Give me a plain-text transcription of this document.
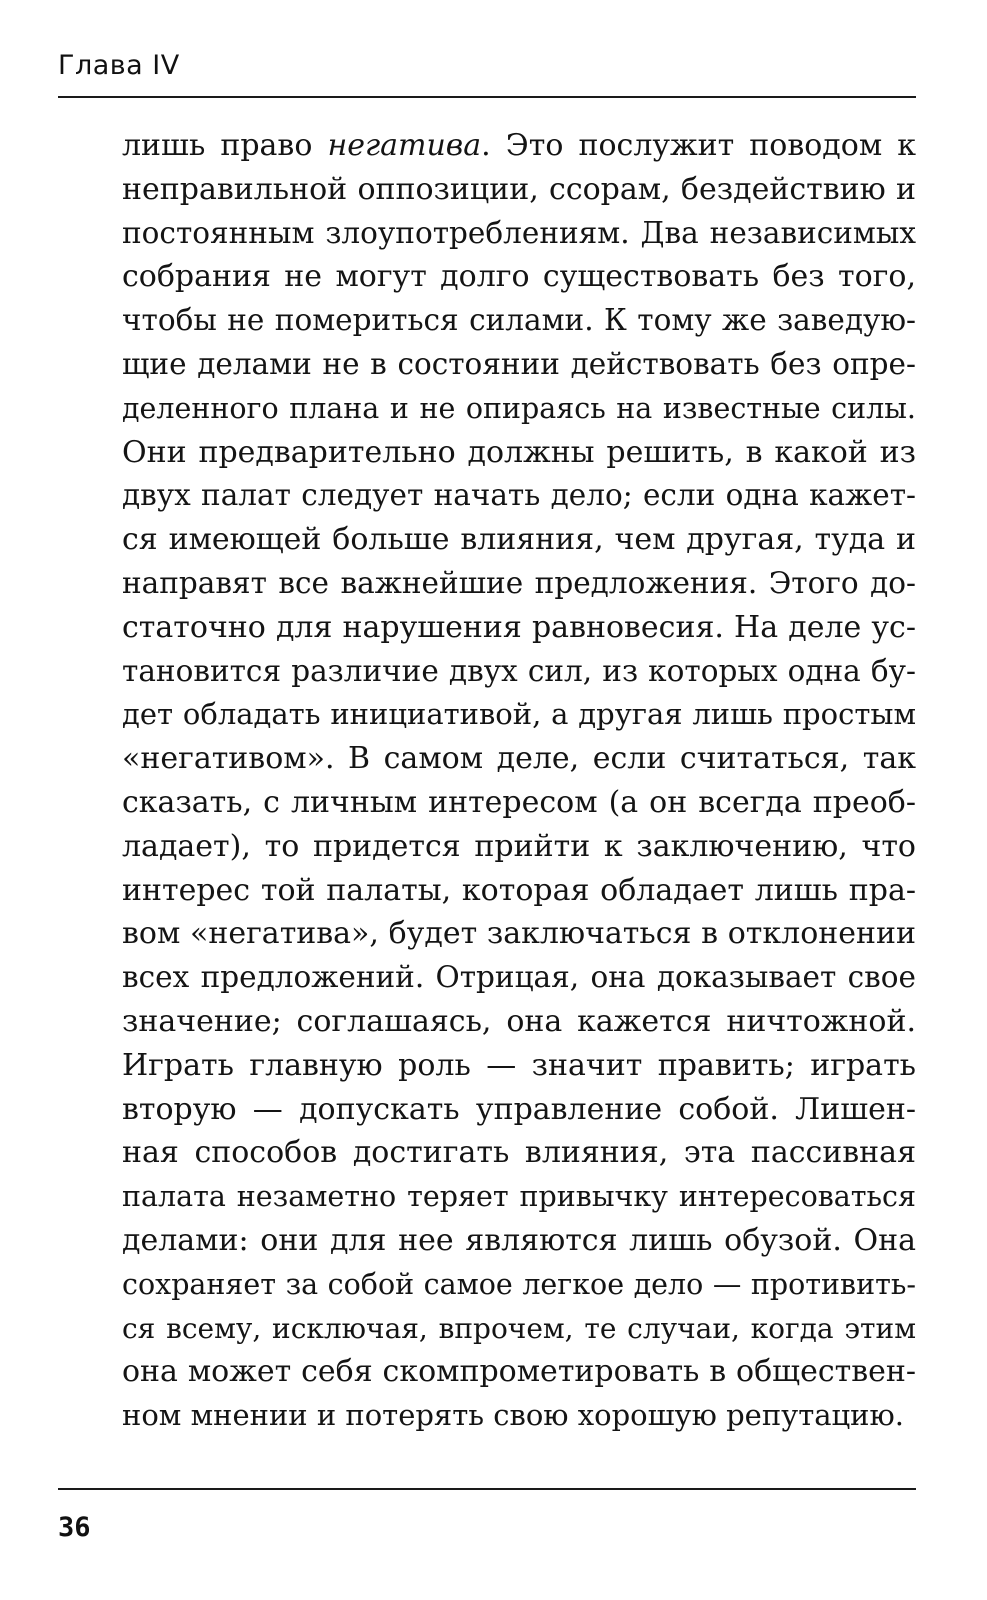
Глава IV
лишь право негатива. Это послужит поводом к
неправильной оппозиции, ссорам, бездействию и
постоянным злоупотреблениям. Два независимых
собрания не могут долго существовать без того,
чтобы не помериться силами. К тому же заведую-
щие делами не в состоянии действовать без опре-
деленного плана и не опираясь на известные силы.
Они предварительно должны решить, в какой из
двух палат следует начать дело; если одна кажет-
ся имеющей больше влияния, чем другая, туда и
направят все важнейшие предложения. Этого до-
статочно для нарушения равновесия. На деле ус-
тановится различие двух сил, из которых одна бу-
дет обладать инициативой, а другая лишь простым
«негативом». В самом деле, если считаться, так
сказать, с личным интересом (а он всегда преоб-
ладает), то придется прийти к заключению, что
интерес той палаты, которая обладает лишь пра-
вом «негатива», будет заключаться в отклонении
всех предложений. Отрицая, она доказывает свое
значение; соглашаясь, она кажется ничтожной.
Играть главную роль — значит править; играть
вторую — допускать управление собой. Лишен-
ная способов достигать влияния, эта пассивная
палата незаметно теряет привычку интересоваться
делами: они для нее являются лишь обузой. Она
сохраняет за собой самое легкое дело — противить-
ся всему, исключая, впрочем, те случаи, когда этим
она может себя скомпрометировать в обществен-
ном мнении и потерять свою хорошую репутацию.
36
